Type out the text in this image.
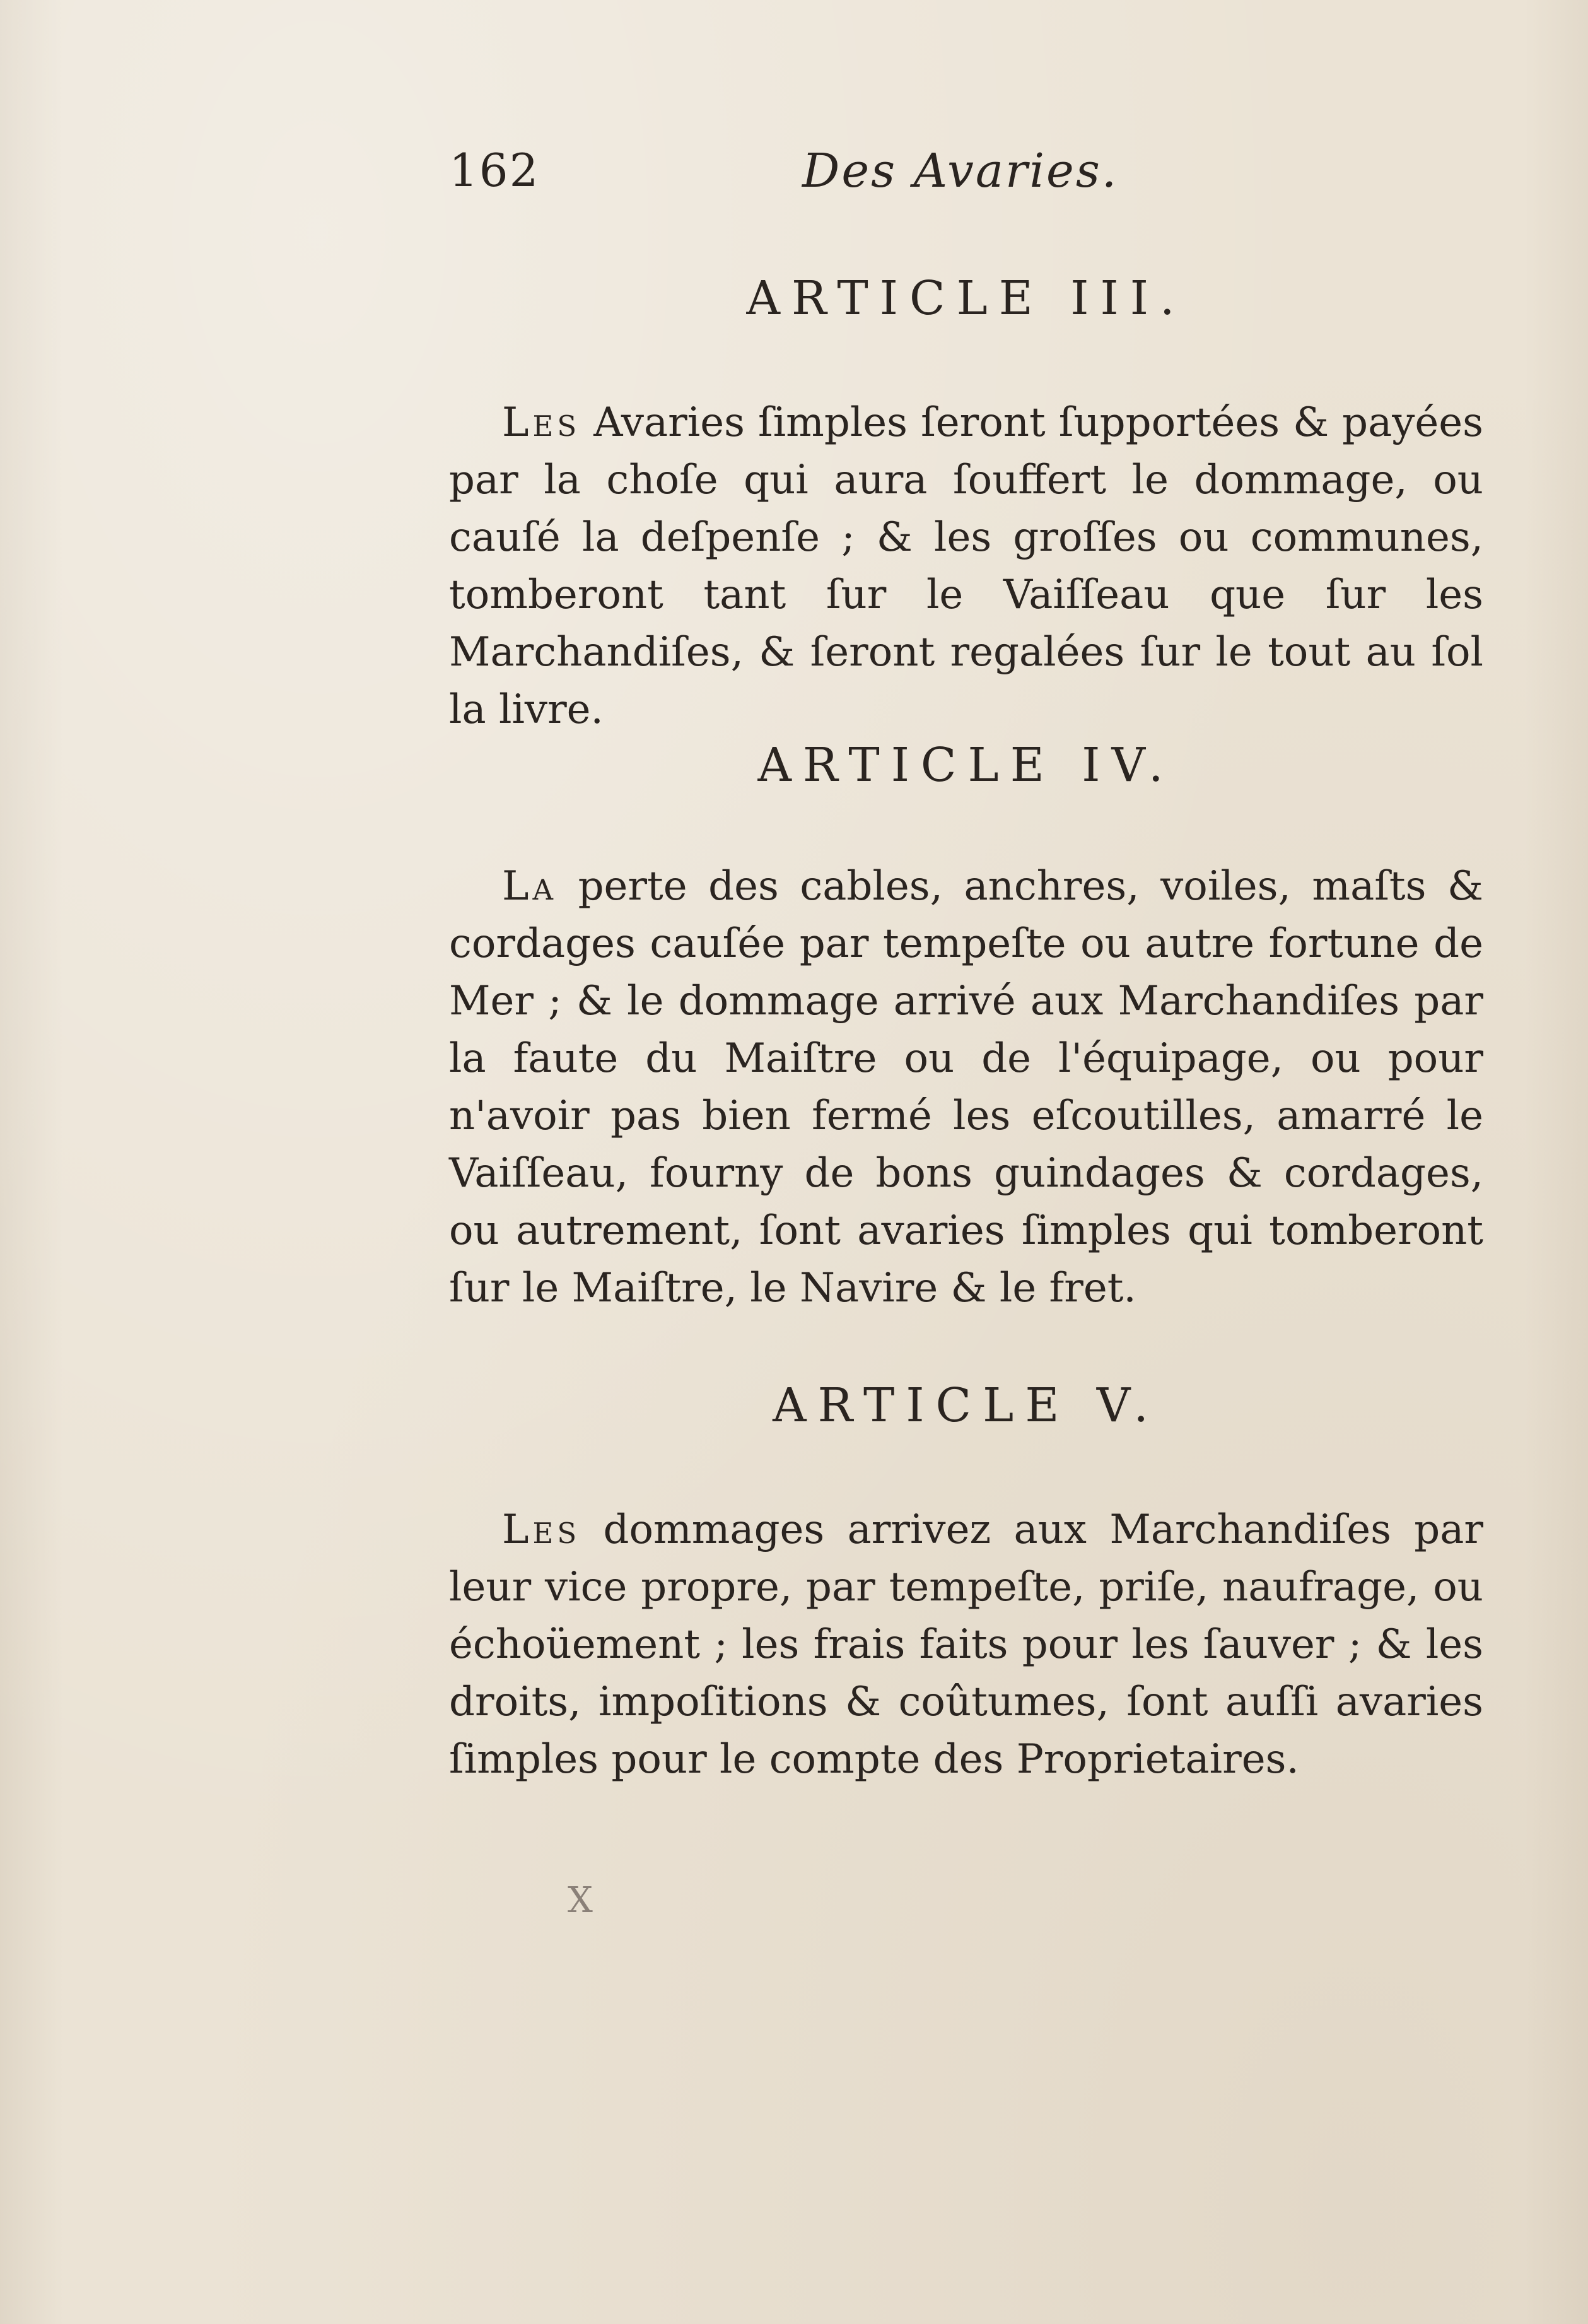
162	Des Avaries.
ARTICLE III.

Les Avaries ſimples ſeront ſupportées & payées par la choſe qui aura ſouffert le dommage, ou cauſé la deſpenſe ; & les groſſes ou communes, tomberont tant ſur le Vaiſſeau que ſur les Marchandiſes, & ſeront regalées ſur le tout au ſol la livre.

ARTICLE IV.

La perte des cables, anchres, voiles, maſts & cordages cauſée par tempeſte ou autre fortune de Mer ; & le dommage arrivé aux Marchandiſes par la faute du Maiſtre ou de l'équipage, ou pour n'avoir pas bien fermé les eſcoutilles, amarré le Vaiſſeau, fourny de bons guindages & cordages, ou autrement, ſont avaries ſimples qui tomberont ſur le Maiſtre, le Navire & le fret.

ARTICLE V.

Les dommages arrivez aux Marchandiſes par leur vice propre, par tempeſte, priſe, naufrage, ou échoüement ; les frais faits pour les ſauver ; & les droits, impoſitions & coûtumes, ſont auſſi avaries ſimples pour le compte des Proprietaires.

X
